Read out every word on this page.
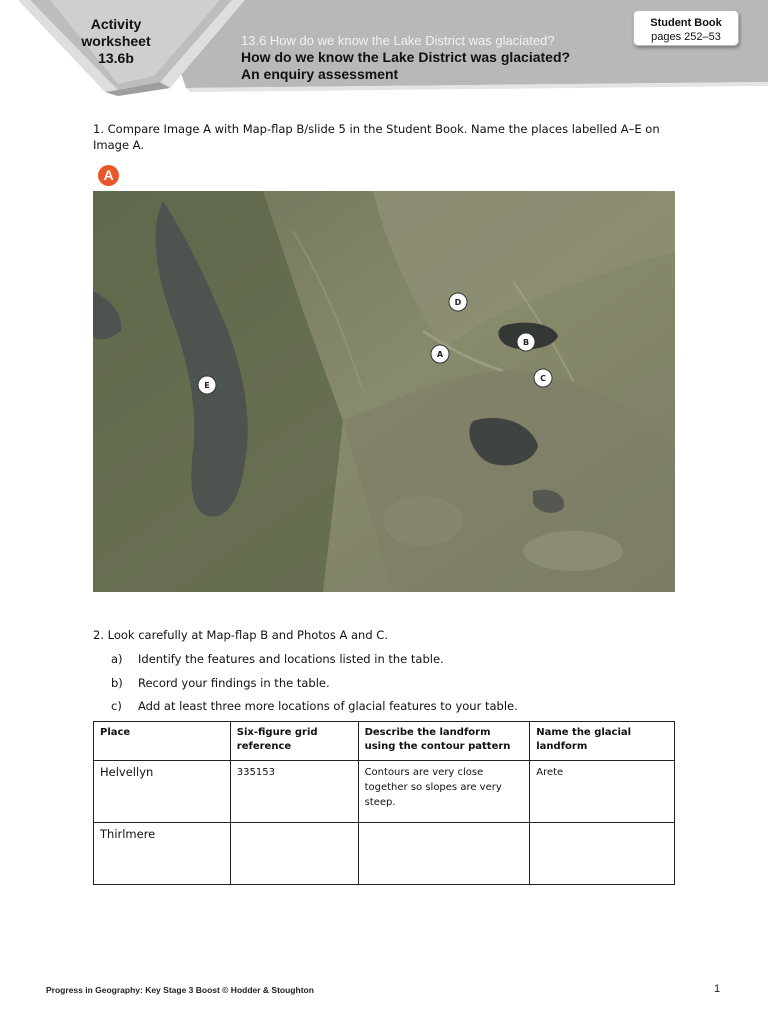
Activity
worksheet
13.6b
13.6 How do we know the Lake District was glaciated?
How do we know the Lake District was glaciated?
An enquiry assessment
Student Book
pages 252–53
1. Compare Image A with Map-flap B/slide 5 in the Student Book. Name the places labelled A–E on Image A.
A
A
B
C
D
E
2. Look carefully at Map-flap B and Photos A and C.
a) Identify the features and locations listed in the table.
b) Record your findings in the table.
c) Add at least three more locations of glacial features to your table.
Place	Six-figure grid reference	Describe the landform using the contour pattern	Name the glacial landform
Helvellyn	335153	Contours are very close together so slopes are very steep.	Arete
Thirlmere			
Progress in Geography: Key Stage 3 Boost © Hodder & Stoughton	1
